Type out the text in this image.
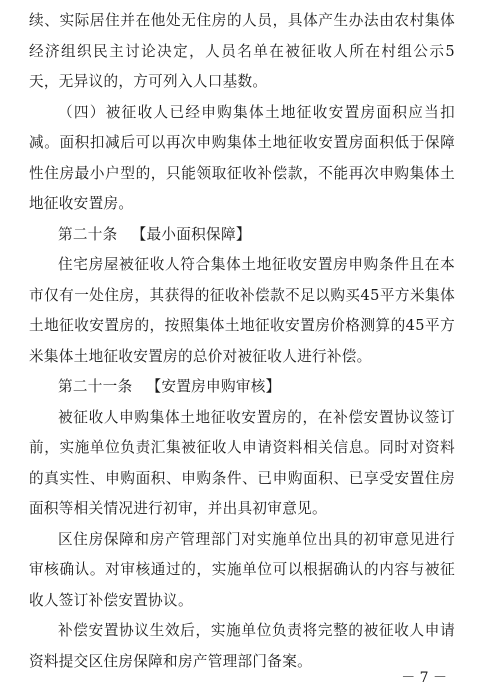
续、实际居住并在他处无住房的人员，具体产生办法由农村集体经济组织民主讨论决定，人员名单在被征收人所在村组公示5天，无异议的，方可列入人口基数。

（四）被征收人已经申购集体土地征收安置房面积应当扣减。面积扣减后可以再次申购集体土地征收安置房面积低于保障性住房最小户型的，只能领取征收补偿款，不能再次申购集体土地征收安置房。

第二十条 【最小面积保障】

住宅房屋被征收人符合集体土地征收安置房申购条件且在本市仅有一处住房，其获得的征收补偿款不足以购买45平方米集体土地征收安置房的，按照集体土地征收安置房价格测算的45平方米集体土地征收安置房的总价对被征收人进行补偿。

第二十一条 【安置房申购审核】

被征收人申购集体土地征收安置房的，在补偿安置协议签订前，实施单位负责汇集被征收人申请资料相关信息。同时对资料的真实性、申购面积、申购条件、已申购面积、已享受安置住房面积等相关情况进行初审，并出具初审意见。

区住房保障和房产管理部门对实施单位出具的初审意见进行审核确认。对审核通过的，实施单位可以根据确认的内容与被征收人签订补偿安置协议。

补偿安置协议生效后，实施单位负责将完整的被征收人申请资料提交区住房保障和房产管理部门备案。

－ 7 －
